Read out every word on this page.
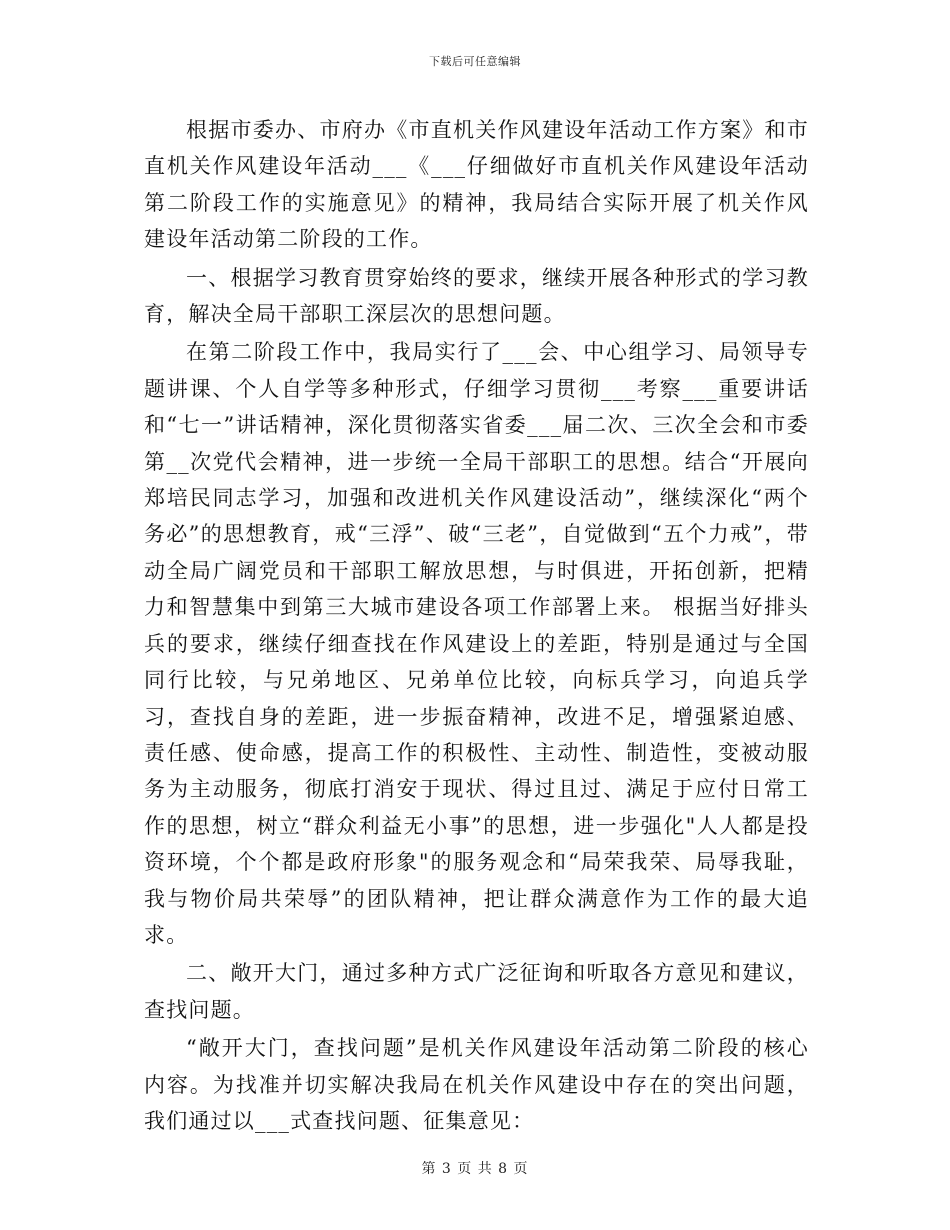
下载后可任意编辑

根据市委办、市府办《市直机关作风建设年活动工作方案》和市直机关作风建设年活动___《___仔细做好市直机关作风建设年活动第二阶段工作的实施意见》的精神，我局结合实际开展了机关作风建设年活动第二阶段的工作。

一、根据学习教育贯穿始终的要求，继续开展各种形式的学习教育，解决全局干部职工深层次的思想问题。

在第二阶段工作中，我局实行了___会、中心组学习、局领导专题讲课、个人自学等多种形式，仔细学习贯彻___考察___重要讲话和“七一”讲话精神，深化贯彻落实省委___届二次、三次全会和市委第__次党代会精神，进一步统一全局干部职工的思想。结合“开展向郑培民同志学习，加强和改进机关作风建设活动”，继续深化“两个务必”的思想教育，戒“三浮”、破“三老”，自觉做到“五个力戒”，带动全局广阔党员和干部职工解放思想，与时俱进，开拓创新，把精力和智慧集中到第三大城市建设各项工作部署上来。 根据当好排头兵的要求，继续仔细查找在作风建设上的差距，特别是通过与全国同行比较，与兄弟地区、兄弟单位比较，向标兵学习，向追兵学习，查找自身的差距，进一步振奋精神，改进不足，增强紧迫感、责任感、使命感，提高工作的积极性、主动性、制造性，变被动服务为主动服务，彻底打消安于现状、得过且过、满足于应付日常工作的思想，树立“群众利益无小事”的思想，进一步强化"人人都是投资环境，个个都是政府形象"的服务观念和“局荣我荣、局辱我耻，我与物价局共荣辱”的团队精神，把让群众满意作为工作的最大追求。

二、敞开大门，通过多种方式广泛征询和听取各方意见和建议，查找问题。

“敞开大门，查找问题”是机关作风建设年活动第二阶段的核心内容。为找准并切实解决我局在机关作风建设中存在的突出问题，我们通过以___式查找问题、征集意见：

第 3 页 共 8 页
